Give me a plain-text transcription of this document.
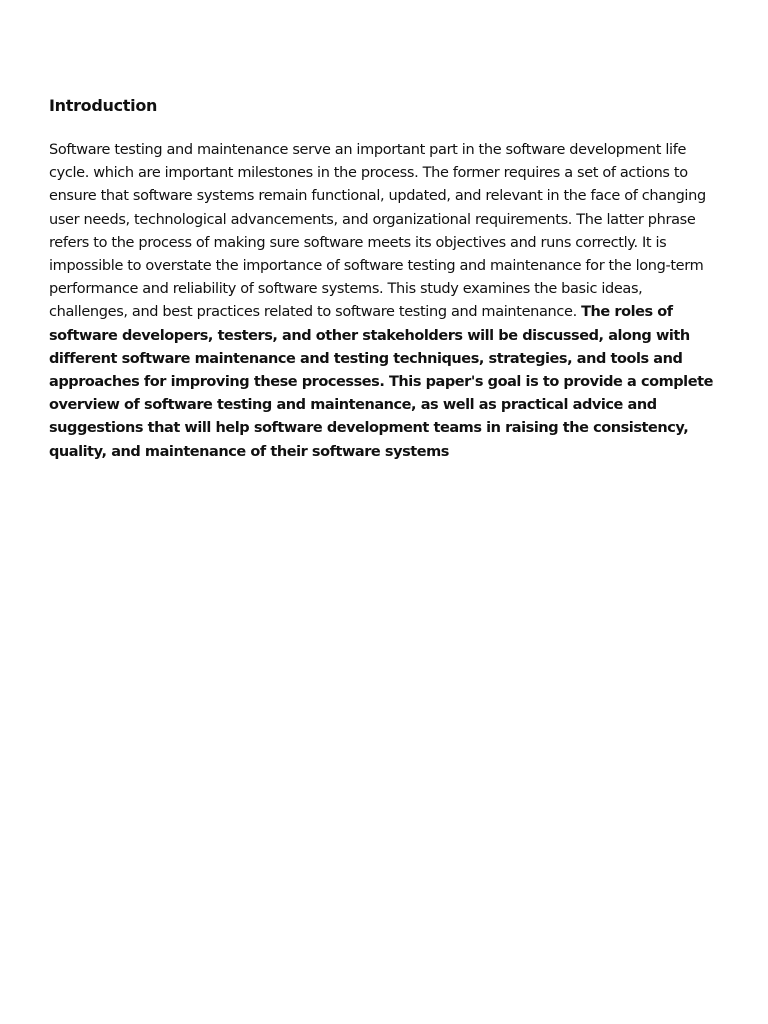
Introduction

Software testing and maintenance serve an important part in the software development life cycle. which are important milestones in the process. The former requires a set of actions to ensure that software systems remain functional, updated, and relevant in the face of changing user needs, technological advancements, and organizational requirements. The latter phrase refers to the process of making sure software meets its objectives and runs correctly. It is impossible to overstate the importance of software testing and maintenance for the long-term performance and reliability of software systems. This study examines the basic ideas, challenges, and best practices related to software testing and maintenance. The roles of software developers, testers, and other stakeholders will be discussed, along with different software maintenance and testing techniques, strategies, and tools and approaches for improving these processes. This paper's goal is to provide a complete overview of software testing and maintenance, as well as practical advice and suggestions that will help software development teams in raising the consistency, quality, and maintenance of their software systems
